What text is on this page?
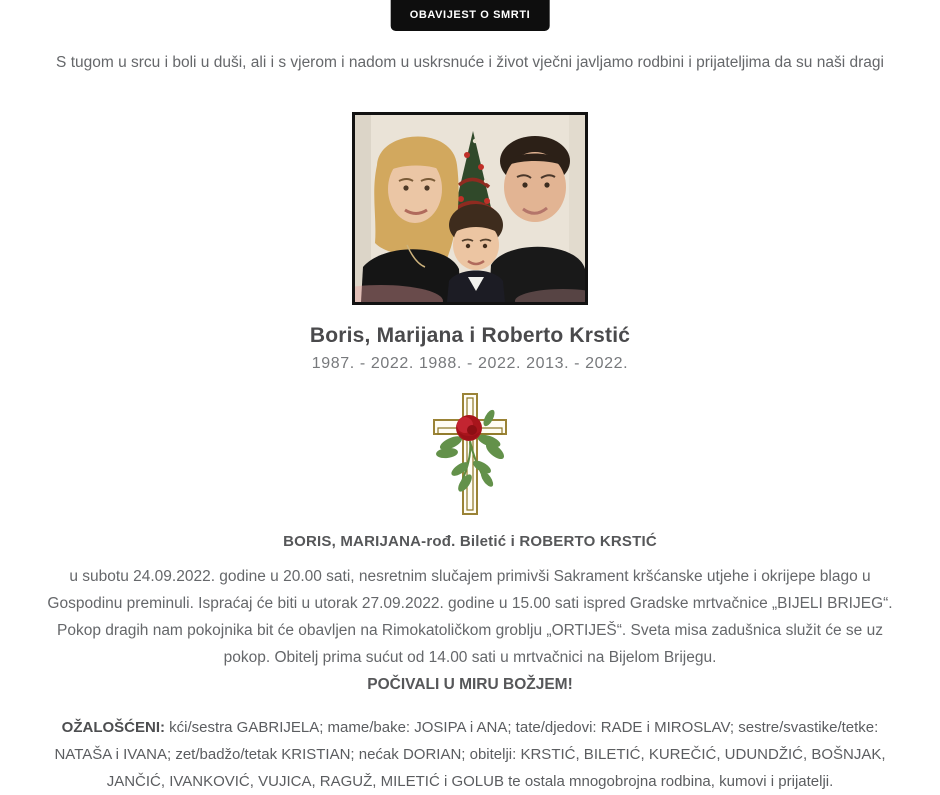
OBAVIJEST O SMRTI
S tugom u srcu i boli u duši, ali i s vjerom i nadom u uskrsnuće i život vječni javljamo rodbini i prijateljima da su naši dragi
Boris, Marijana i Roberto Krstić
1987. - 2022. 1988. - 2022. 2013. - 2022.
BORIS, MARIJANA-rođ. Biletić i ROBERTO KRSTIĆ
u subotu 24.09.2022. godine u 20.00 sati, nesretnim slučajem primivši Sakrament kršćanske utjehe i okrijepe blago u Gospodinu preminuli. Ispraćaj će biti u utorak 27.09.2022. godine u 15.00 sati ispred Gradske mrtvačnice „BIJELI BRIJEG“. Pokop dragih nam pokojnika bit će obavljen na Rimokatoličkom groblju „ORTIJEŠ“. Sveta misa zadušnica služit će se uz pokop. Obitelj prima sućut od 14.00 sati u mrtvačnici na Bijelom Brijegu.
POČIVALI U MIRU BOŽJEM!
OŽALOŠĆENI: kći/sestra GABRIJELA; mame/bake: JOSIPA i ANA; tate/djedovi: RADE i MIROSLAV; sestre/svastike/tetke: NATAŠA i IVANA; zet/badžo/tetak KRISTIAN; nećak DORIAN; obitelji: KRSTIĆ, BILETIĆ, KUREČIĆ, UDUNDŽIĆ, BOŠNJAK, JANČIĆ, IVANKOVIĆ, VUJICA, RAGUŽ, MILETIĆ i GOLUB te ostala mnogobrojna rodbina, kumovi i prijatelji.
